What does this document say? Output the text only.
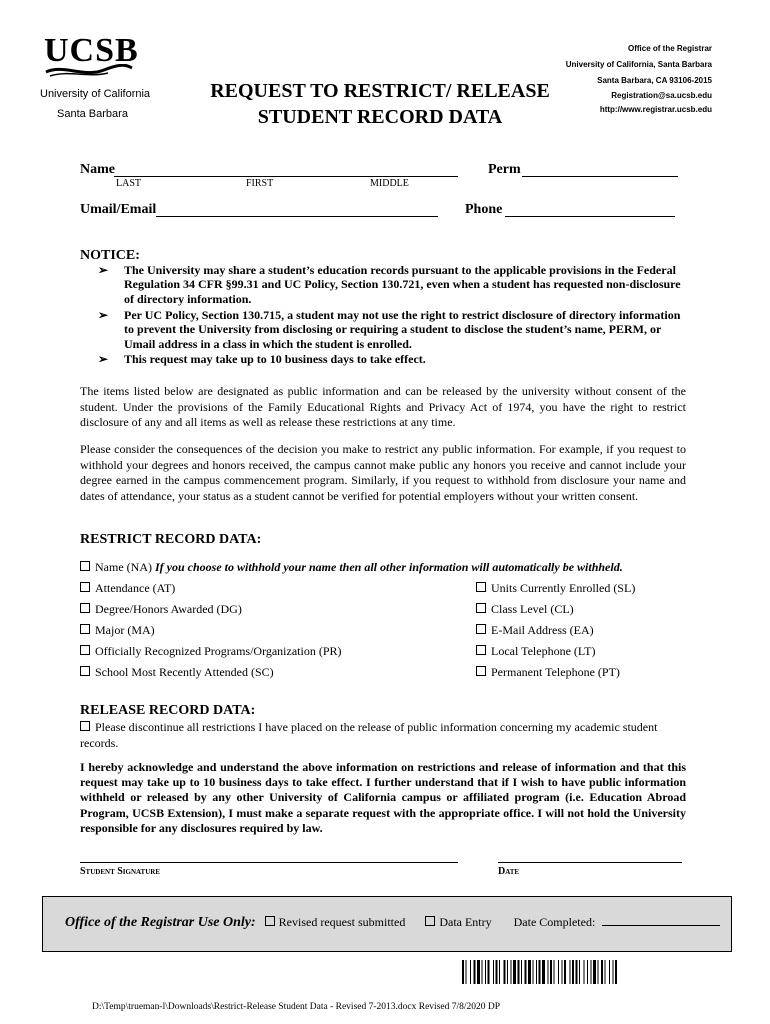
UCSB
University of California
Santa Barbara
REQUEST TO RESTRICT/ RELEASE
STUDENT RECORD DATA
Office of the Registrar
University of California, Santa Barbara
Santa Barbara, CA 93106-2015
Registration@sa.ucsb.edu
http://www.registrar.ucsb.edu
Name
LAST	FIRST	MIDDLE
Perm
Umail/Email	Phone
NOTICE:
➢ The University may share a student’s education records pursuant to the applicable provisions in the Federal Regulation 34 CFR §99.31 and UC Policy, Section 130.721, even when a student has requested non-disclosure of directory information.
➢ Per UC Policy, Section 130.715, a student may not use the right to restrict disclosure of directory information to prevent the University from disclosing or requiring a student to disclose the student’s name, PERM, or Umail address in a class in which the student is enrolled.
➢ This request may take up to 10 business days to take effect.
The items listed below are designated as public information and can be released by the university without consent of the student. Under the provisions of the Family Educational Rights and Privacy Act of 1974, you have the right to restrict disclosure of any and all items as well as release these restrictions at any time.
Please consider the consequences of the decision you make to restrict any public information. For example, if you request to withhold your degrees and honors received, the campus cannot make public any honors you receive and cannot include your degree earned in the campus commencement program. Similarly, if you request to withhold from disclosure your name and dates of attendance, your status as a student cannot be verified for potential employers without your written consent.
RESTRICT RECORD DATA:
Name (NA) If you choose to withhold your name then all other information will automatically be withheld.
Attendance (AT)
Degree/Honors Awarded (DG)
Major (MA)
Officially Recognized Programs/Organization (PR)
School Most Recently Attended (SC)
Units Currently Enrolled (SL)
Class Level (CL)
E-Mail Address (EA)
Local Telephone (LT)
Permanent Telephone (PT)
RELEASE RECORD DATA:
Please discontinue all restrictions I have placed on the release of public information concerning my academic student records.
I hereby acknowledge and understand the above information on restrictions and release of information and that this request may take up to 10 business days to take effect. I further understand that if I wish to have public information withheld or released by any other University of California campus or affiliated program (i.e. Education Abroad Program, UCSB Extension), I must make a separate request with the appropriate office. I will not hold the University responsible for any disclosures required by law.
Student Signature	Date
Office of the Registrar Use Only: Revised request submitted	Data Entry Date Completed:
D:\Temp\trueman-l\Downloads\Restrict-Release Student Data - Revised 7-2013.docx Revised 7/8/2020 DP
